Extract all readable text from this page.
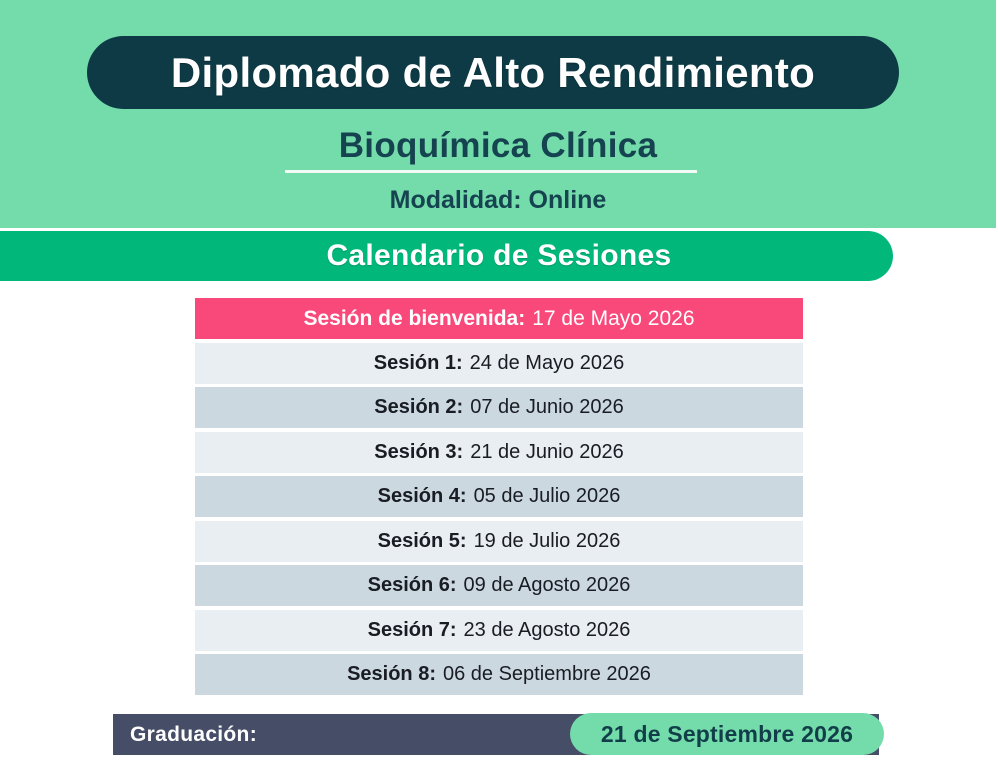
Diplomado de Alto Rendimiento
Bioquímica Clínica
Modalidad: Online
Calendario de Sesiones
Sesión de bienvenida: 17 de Mayo 2026
Sesión 1: 24 de Mayo 2026
Sesión 2: 07 de Junio 2026
Sesión 3: 21 de Junio 2026
Sesión 4: 05 de Julio 2026
Sesión 5: 19 de Julio 2026
Sesión 6: 09 de Agosto 2026
Sesión 7: 23 de Agosto 2026
Sesión 8: 06 de Septiembre 2026
Graduación:	21 de Septiembre 2026
